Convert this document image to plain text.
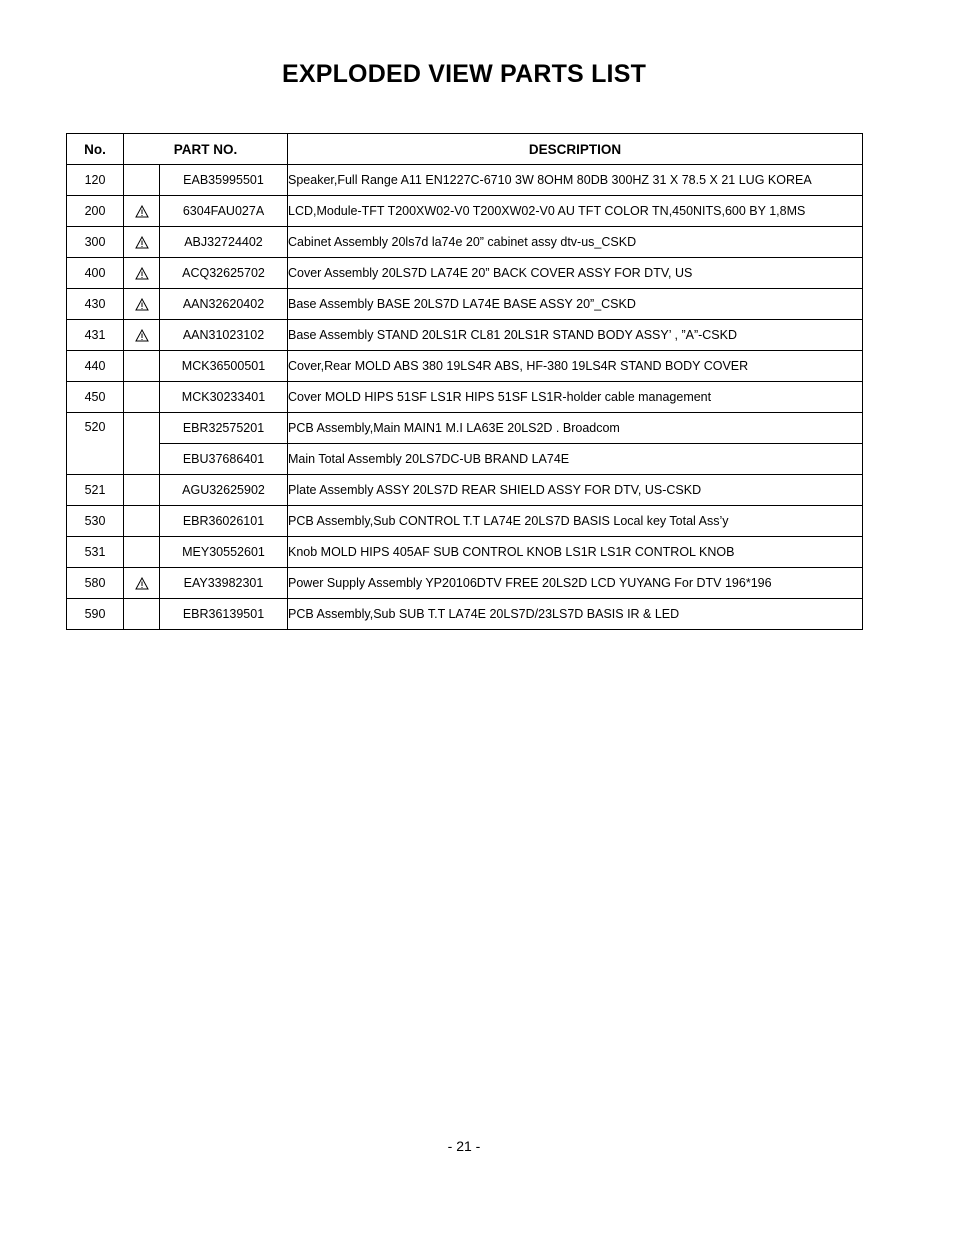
EXPLODED VIEW PARTS LIST
No.	PART NO.		DESCRIPTION
120		EAB35995501	Speaker,Full Range A11 EN1227C-6710 3W 8OHM 80DB 300HZ 31 X 78.5 X 21 LUG KOREA
200		6304FAU027A	LCD,Module-TFT T200XW02-V0 T200XW02-V0 AU TFT COLOR TN,450NITS,600 BY 1,8MS
300		ABJ32724402	Cabinet Assembly 20ls7d la74e 20” cabinet assy dtv-us_CSKD
400		ACQ32625702	Cover Assembly 20LS7D LA74E 20” BACK COVER ASSY FOR DTV, US
430		AAN32620402	Base Assembly BASE 20LS7D LA74E BASE ASSY 20”_CSKD
431		AAN31023102	Base Assembly STAND 20LS1R CL81 20LS1R STAND BODY ASSY’ , ”A”-CSKD
440		MCK36500501	Cover,Rear MOLD ABS 380 19LS4R ABS, HF-380 19LS4R STAND BODY COVER
450		MCK30233401	Cover MOLD HIPS 51SF LS1R HIPS 51SF LS1R-holder cable management
520		EBR32575201	PCB Assembly,Main MAIN1 M.I LA63E 20LS2D . Broadcom
		EBU37686401	Main Total Assembly 20LS7DC-UB BRAND LA74E
521		AGU32625902	Plate Assembly ASSY 20LS7D REAR SHIELD ASSY FOR DTV, US-CSKD
530		EBR36026101	PCB Assembly,Sub CONTROL T.T LA74E 20LS7D BASIS Local key Total Ass’y
531		MEY30552601	Knob MOLD HIPS 405AF SUB CONTROL KNOB LS1R LS1R CONTROL KNOB
580		EAY33982301	Power Supply Assembly YP20106DTV FREE 20LS2D LCD YUYANG For DTV 196*196
590		EBR36139501	PCB Assembly,Sub SUB T.T LA74E 20LS7D/23LS7D BASIS IR & LED
- 21 -
